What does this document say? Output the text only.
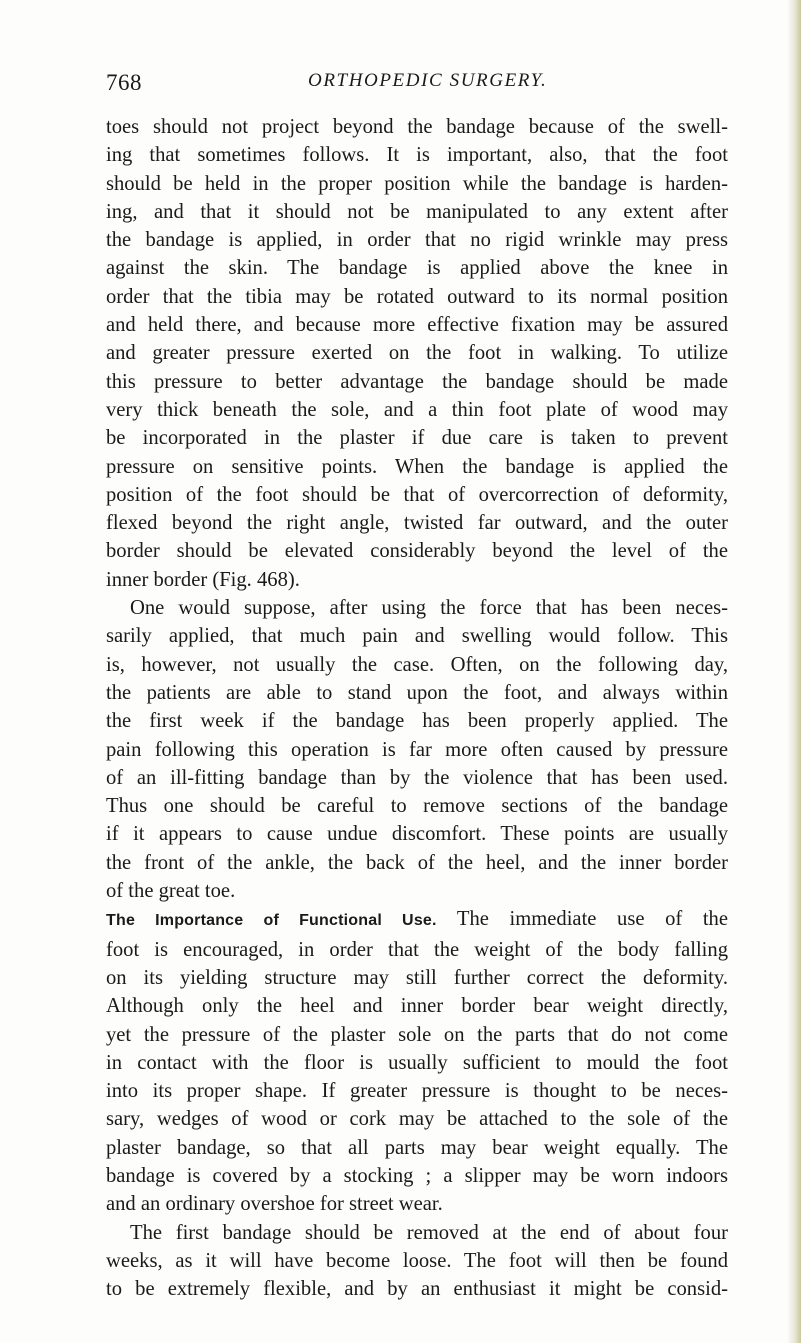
768	ORTHOPEDIC SURGERY.
toes should not project beyond the bandage because of the swell-
ing that sometimes follows. It is important, also, that the foot
should be held in the proper position while the bandage is harden-
ing, and that it should not be manipulated to any extent after
the bandage is applied, in order that no rigid wrinkle may press
against the skin. The bandage is applied above the knee in
order that the tibia may be rotated outward to its normal position
and held there, and because more effective fixation may be assured
and greater pressure exerted on the foot in walking. To utilize
this pressure to better advantage the bandage should be made
very thick beneath the sole, and a thin foot plate of wood may
be incorporated in the plaster if due care is taken to prevent
pressure on sensitive points. When the bandage is applied the
position of the foot should be that of overcorrection of deformity,
flexed beyond the right angle, twisted far outward, and the outer
border should be elevated considerably beyond the level of the
inner border (Fig. 468).
One would suppose, after using the force that has been neces-
sarily applied, that much pain and swelling would follow. This
is, however, not usually the case. Often, on the following day,
the patients are able to stand upon the foot, and always within
the first week if the bandage has been properly applied. The
pain following this operation is far more often caused by pressure
of an ill-fitting bandage than by the violence that has been used.
Thus one should be careful to remove sections of the bandage
if it appears to cause undue discomfort. These points are usually
the front of the ankle, the back of the heel, and the inner border
of the great toe.
The Importance of Functional Use. The immediate use of the
foot is encouraged, in order that the weight of the body falling
on its yielding structure may still further correct the deformity.
Although only the heel and inner border bear weight directly,
yet the pressure of the plaster sole on the parts that do not come
in contact with the floor is usually sufficient to mould the foot
into its proper shape. If greater pressure is thought to be neces-
sary, wedges of wood or cork may be attached to the sole of the
plaster bandage, so that all parts may bear weight equally. The
bandage is covered by a stocking ; a slipper may be worn indoors
and an ordinary overshoe for street wear.
The first bandage should be removed at the end of about four
weeks, as it will have become loose. The foot will then be found
to be extremely flexible, and by an enthusiast it might be consid-
